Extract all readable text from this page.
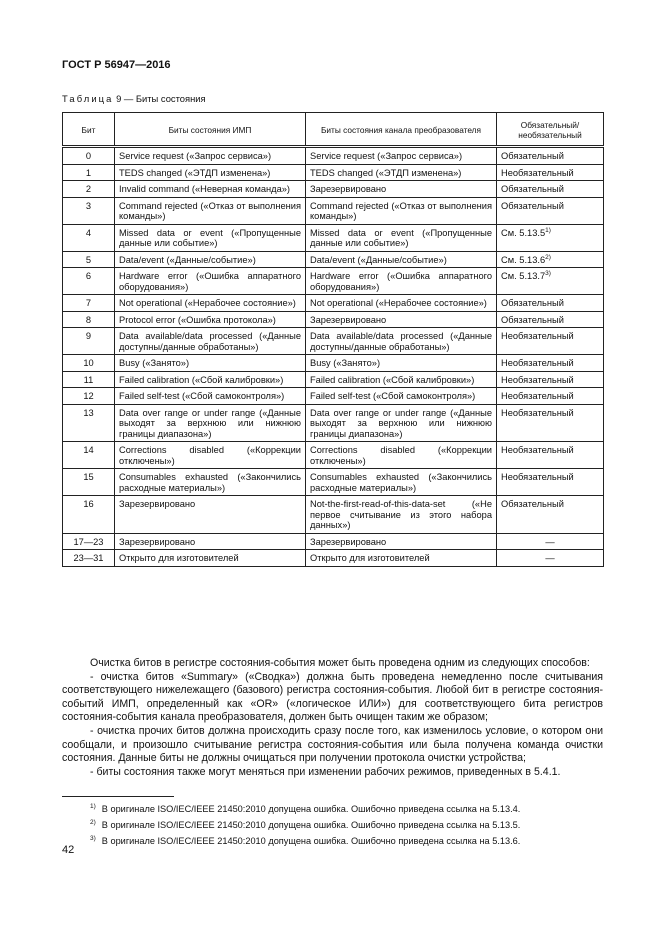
ГОСТ Р 56947—2016
Таблица 9 — Биты состояния
Бит	Биты состояния ИМП	Биты состояния канала преобразователя	Обязательный/ необязательный
0	Service request («Запрос сервиса»)	Service request («Запрос сервиса»)	Обязательный
1	TEDS changed («ЭТДП изменена»)	TEDS changed («ЭТДП изменена»)	Необязательный
2	Invalid command («Неверная команда»)	Зарезервировано	Обязательный
3	Command rejected («Отказ от выполнения команды»)	Command rejected («Отказ от выполнения команды»)	Обязательный
4	Missed data or event («Пропущенные данные или событие»)	Missed data or event («Пропущенные данные или событие»)	См. 5.13.5$^{1)}$
5	Data/event («Данные/событие»)	Data/event («Данные/событие»)	См. 5.13.6$^{2)}$
6	Hardware error («Ошибка аппаратного оборудования»)	Hardware error («Ошибка аппаратного оборудования»)	См. 5.13.7$^{3)}$
7	Not operational («Нерабочее состояние»)	Not operational («Нерабочее состояние»)	Обязательный
8	Protocol error («Ошибка протокола»)	Зарезервировано	Обязательный
9	Data available/data processed («Данные доступны/данные обработаны»)	Data available/data processed («Данные доступны/данные обработаны»)	Необязательный
10	Busy («Занято»)	Busy («Занято»)	Необязательный
11	Failed calibration («Сбой калибровки»)	Failed calibration («Сбой калибровки»)	Необязательный
12	Failed self-test («Сбой самоконтроля»)	Failed self-test («Сбой самоконтроля»)	Необязательный
13	Data over range or under range («Данные выходят за верхнюю или нижнюю границы диапазона»)	Data over range or under range («Данные выходят за верхнюю или нижнюю границы диапазона»)	Необязательный
14	Corrections disabled («Коррекции отключены»)	Corrections disabled («Коррекции отключены»)	Необязательный
15	Consumables exhausted («Закончились расходные материалы»)	Consumables exhausted («Закончились расходные материалы»)	Необязательный
16	Зарезервировано	Not-the-first-read-of-this-data-set («Не первое считывание из этого набора данных»)	Обязательный
17—23	Зарезервировано	Зарезервировано	—
23—31	Открыто для изготовителей	Открыто для изготовителей	—

Очистка битов в регистре состояния-события может быть проведена одним из следующих способов:

- очистка битов «Summary» («Сводка») должна быть проведена немедленно после считывания соответствующего нижележащего (базового) регистра состояния-события. Любой бит в регистре состояния-событий ИМП, определенный как «OR» («логическое ИЛИ») для соответствующего бита регистров состояния-события канала преобразователя, должен быть очищен таким же образом;

- очистка прочих битов должна происходить сразу после того, как изменилось условие, о котором они сообщали, и произошло считывание регистра состояния-события или была получена команда очистки состояния. Данные биты не должны очищаться при получении протокола очистки устройства;

- биты состояния также могут меняться при изменении рабочих режимов, приведенных в 5.4.1.

$^{1)}$ В оригинале ISO/IEC/IEEE 21450:2010 допущена ошибка. Ошибочно приведена ссылка на 5.13.4.
$^{2)}$ В оригинале ISO/IEC/IEEE 21450:2010 допущена ошибка. Ошибочно приведена ссылка на 5.13.5.
$^{3)}$ В оригинале ISO/IEC/IEEE 21450:2010 допущена ошибка. Ошибочно приведена ссылка на 5.13.6.
42
